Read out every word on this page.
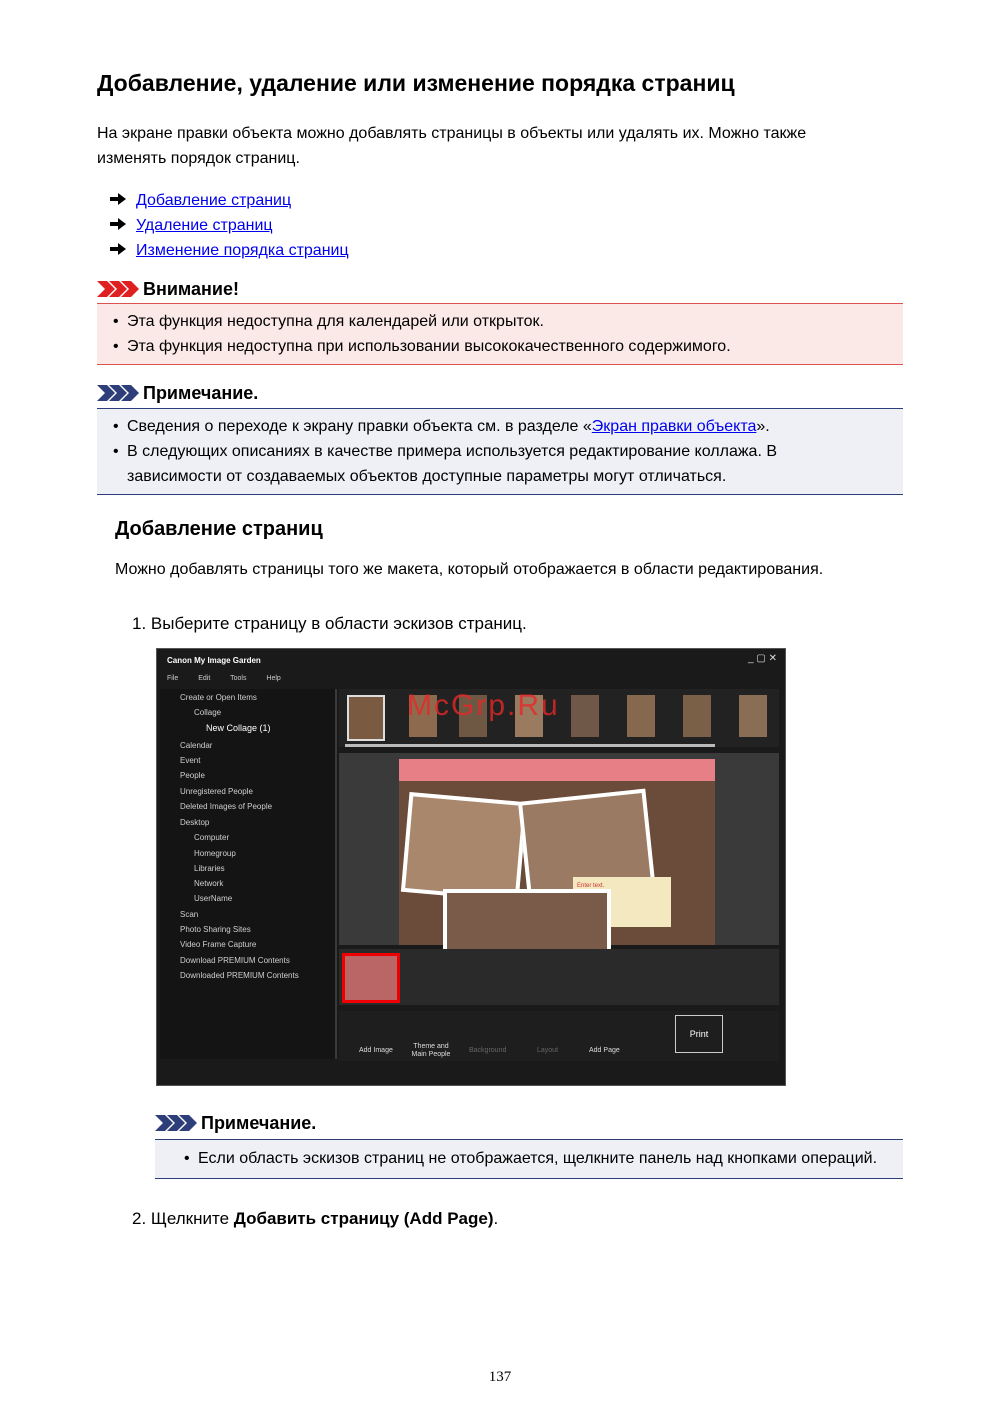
Добавление, удаление или изменение порядка страниц
На экране правки объекта можно добавлять страницы в объекты или удалять их. Можно также
изменять порядок страниц.
Добавление страниц
Удаление страниц
Изменение порядка страниц
Внимание!
• Эта функция недоступна для календарей или открыток.
• Эта функция недоступна при использовании высококачественного содержимого.
Примечание.
• Сведения о переходе к экрану правки объекта см. в разделе «Экран правки объекта».
• В следующих описаниях в качестве примера используется редактирование коллажа. В
зависимости от создаваемых объектов доступные параметры могут отличаться.
Добавление страниц
Можно добавлять страницы того же макета, который отображается в области редактирования.
1. Выберите страницу в области эскизов страниц.
Canon My Image Garden	_ ▢ ✕
File	Edit	Tools	Help
Create or Open Items
Collage
New Collage (1)
Calendar
Event
People
Unregistered People
Deleted Images of People
Desktop
Computer
Homegroup
Libraries
Network
UserName
Scan
Photo Sharing Sites
Video Frame Capture
Download PREMIUM Contents
Downloaded PREMIUM Contents
McGrp.Ru
Enter text.
Add Image
Theme and Main People
Background	Layout	Add Page
Print
Примечание.
• Если область эскизов страниц не отображается, щелкните панель над кнопками операций.
2. Щелкните Добавить страницу (Add Page).
137
